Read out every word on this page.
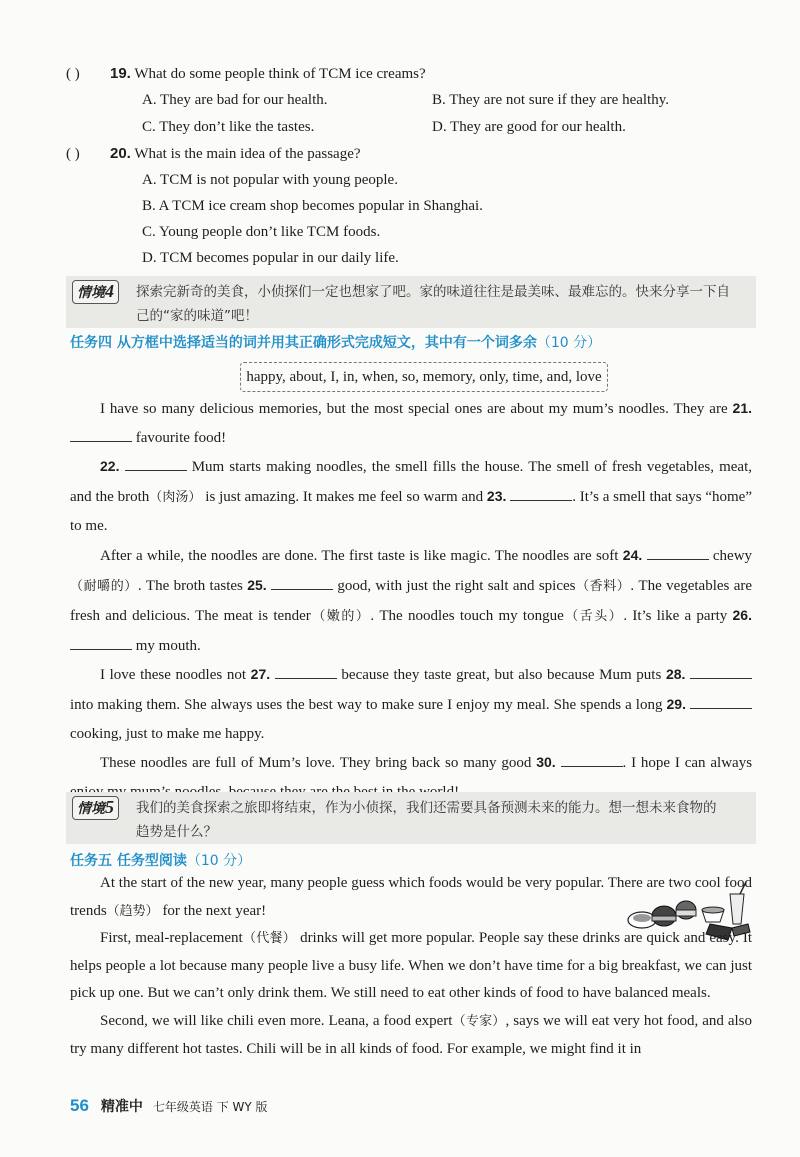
( ) 19. What do some people think of TCM ice creams?
A. They are bad for our health.	B. They are not sure if they are healthy.
C. They don’t like the tastes.	D. They are good for our health.
( ) 20. What is the main idea of the passage?
A. TCM is not popular with young people.
B. A TCM ice cream shop becomes popular in Shanghai.
C. Young people don’t like TCM foods.
D. TCM becomes popular in our daily life.
情境4	探索完新奇的美食，小侦探们一定也想家了吧。家的味道往往是最美味、最难忘的。快来分享一下自
己的“家的味道”吧！
任务四 从方框中选择适当的词并用其正确形式完成短文，其中有一个词多余（10 分）
happy, about, I, in, when, so, memory, only, time, and, love

I have so many delicious memories, but the most special ones are about my mum’s noodles. They are 21.  favourite food!

22.	Mum starts making noodles, the smell fills the house. The smell of fresh vegetables, meat, and the broth（肉汤） is just amazing. It makes me feel so warm and 23.	. It’s a smell that says “home” to me.

After a while, the noodles are done. The first taste is like magic. The noodles are soft 24.	chewy（耐嚼的）. The broth tastes 25.	good, with just the right salt and spices（香料）. The vegetables are fresh and delicious. The meat is tender（嫩的）. The noodles touch my tongue（舌头）. It’s like a party 26.  my mouth.

I love these noodles not 27.	because they taste great, but also because Mum puts 28.  into making them. She always uses the best way to make sure I enjoy my meal. She spends a long 29.  cooking, just to make me happy.

These noodles are full of Mum’s love. They bring back so many good 30.	. I hope I can always

情境5	我们的美食探索之旅即将结束，作为小侦探，我们还需要具备预测未来的能力。想一想未来食物的
趋势是什么？
任务五 任务型阅读（10 分）

At the start of the new year, many people guess which foods would be very popular. There are two cool food trends（趋势） for the next year!

First, meal-replacement（代餐） drinks will get more popular. People say these drinks are quick and easy. It helps people a lot because many people live a busy life. When we don’t have time for a big breakfast, we can just pick up one. But we can’t only drink them. We still need to eat other kinds of food to have balanced meals.

Second, we will like chili even more. Leana, a food expert（专家）, says we will eat very hot food, and also try many different hot tastes. Chili will be in all kinds of food. For example, we might find it in

56 精准中 七年级英语 下 WY 版
